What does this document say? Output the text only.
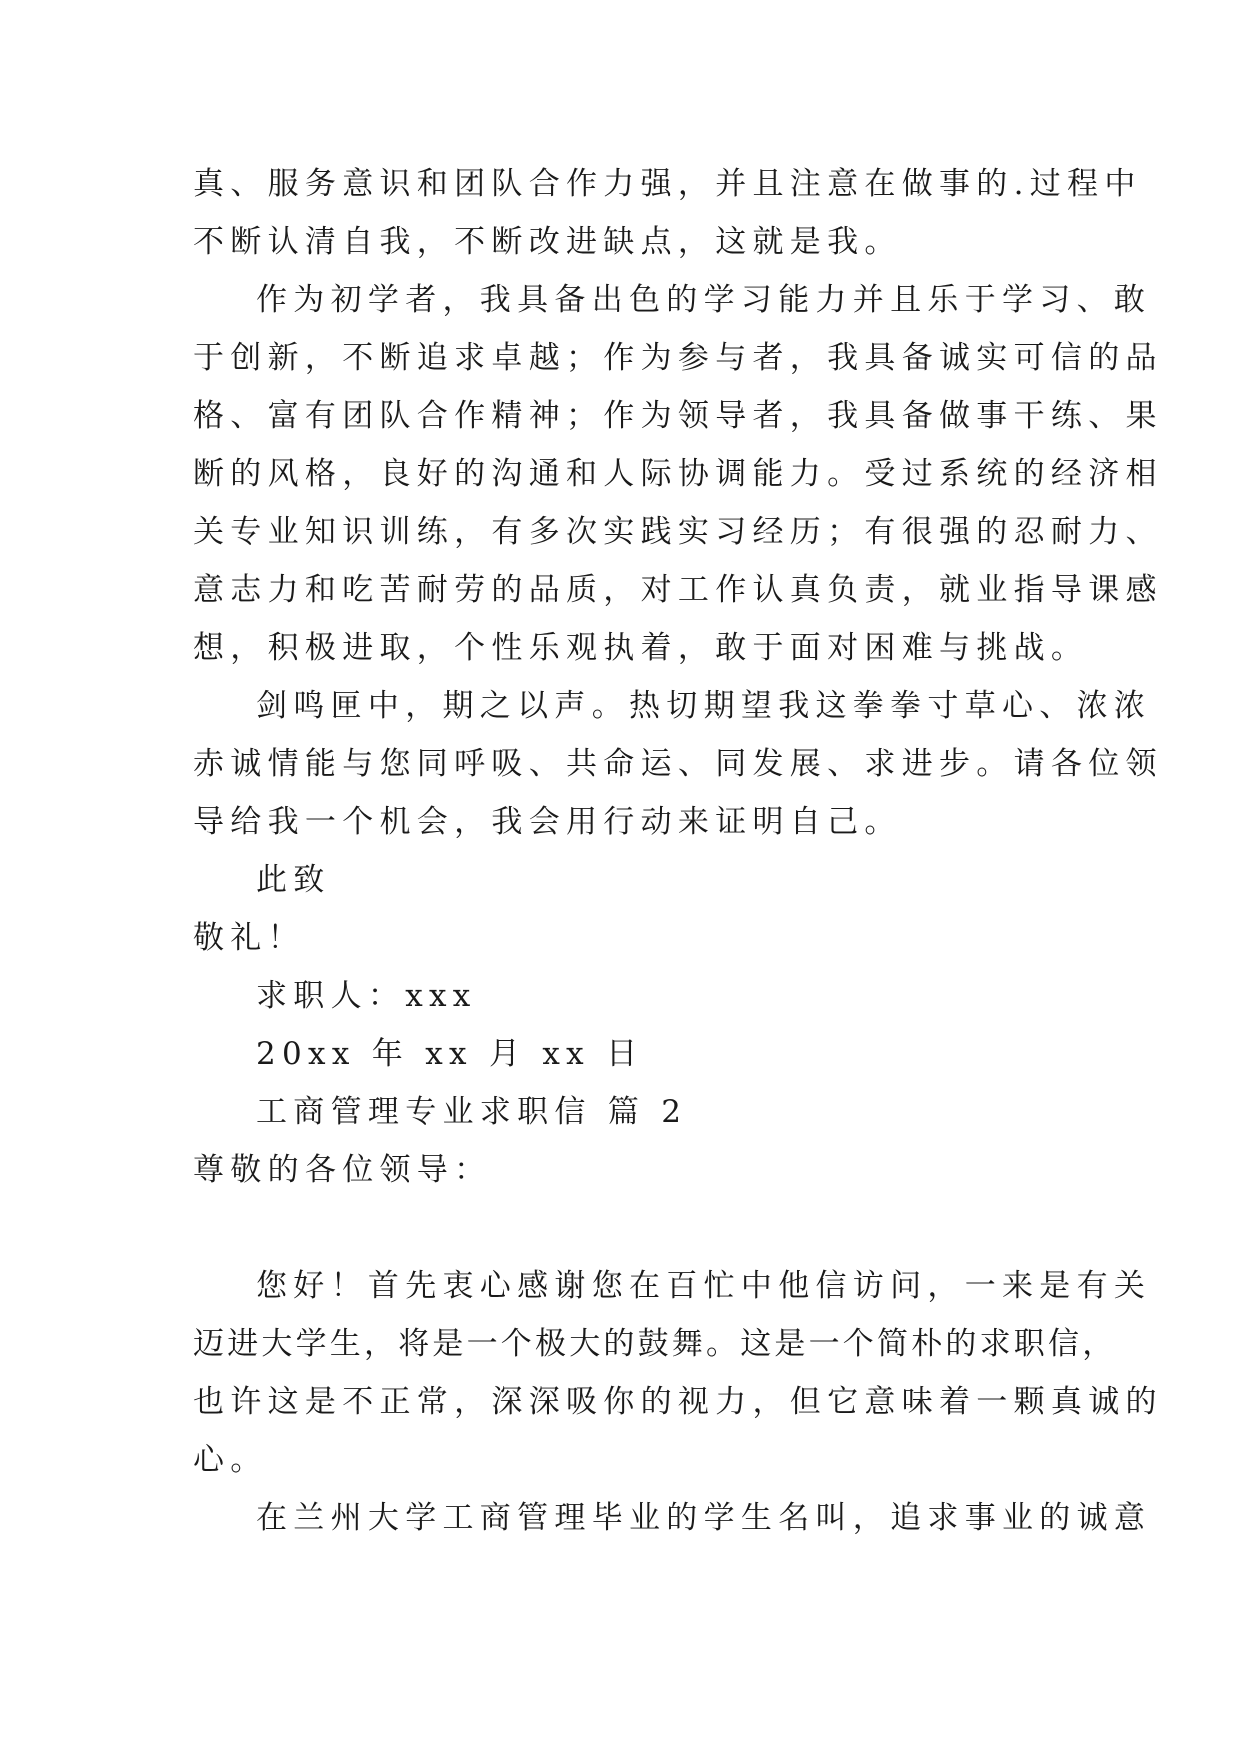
真、服务意识和团队合作力强，并且注意在做事的.过程中
不断认清自我，不断改进缺点，这就是我。
作为初学者，我具备出色的学习能力并且乐于学习、敢
于创新，不断追求卓越；作为参与者，我具备诚实可信的品
格、富有团队合作精神；作为领导者，我具备做事干练、果
断的风格，良好的沟通和人际协调能力。受过系统的经济相
关专业知识训练，有多次实践实习经历；有很强的忍耐力、
意志力和吃苦耐劳的品质，对工作认真负责，就业指导课感
想，积极进取，个性乐观执着，敢于面对困难与挑战。
剑鸣匣中，期之以声。热切期望我这拳拳寸草心、浓浓
赤诚情能与您同呼吸、共命运、同发展、求进步。请各位领
导给我一个机会，我会用行动来证明自己。
此致
敬礼！
求职人：xxx
20xx 年 xx 月 xx 日
工商管理专业求职信 篇 2
尊敬的各位领导：
您好！首先衷心感谢您在百忙中他信访问，一来是有关
迈进大学生，将是一个极大的鼓舞。这是一个简朴的求职信，
也许这是不正常，深深吸你的视力，但它意味着一颗真诚的
心。
在兰州大学工商管理毕业的学生名叫，追求事业的诚意
